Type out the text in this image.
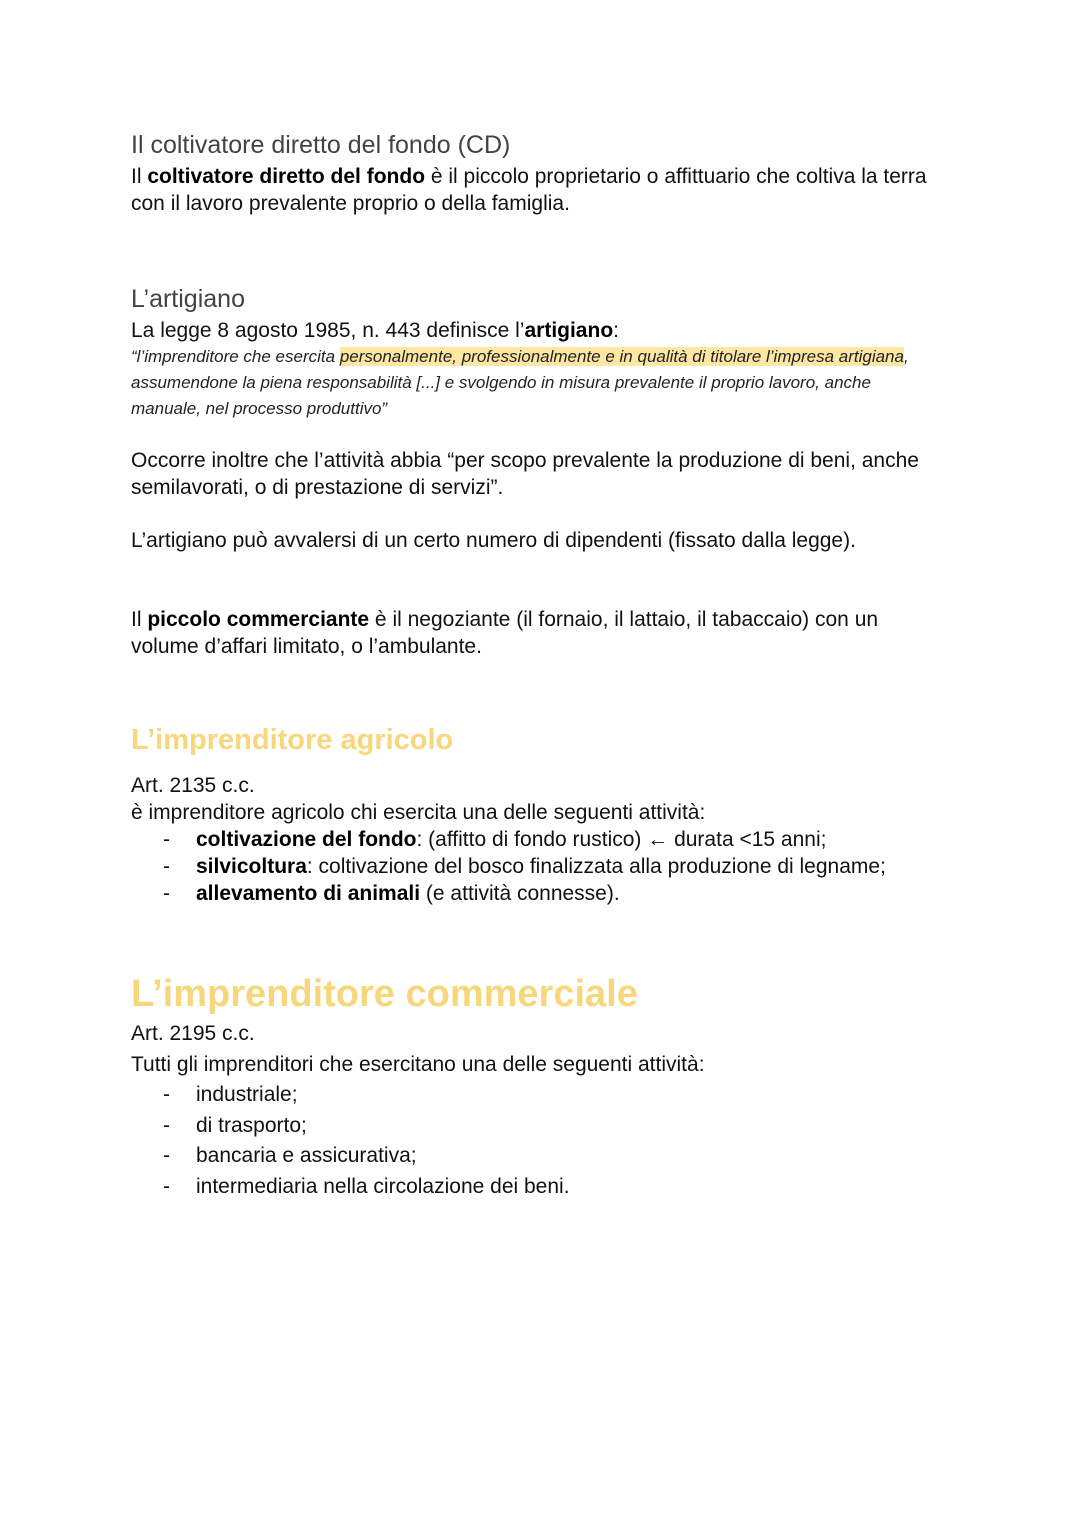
Il coltivatore diretto del fondo (CD)

Il coltivatore diretto del fondo è il piccolo proprietario o affittuario che coltiva la terra con il lavoro prevalente proprio o della famiglia.

L’artigiano

La legge 8 agosto 1985, n. 443 definisce l’artigiano:

“l’imprenditore che esercita personalmente, professionalmente e in qualità di titolare l’impresa artigiana, assumendone la piena responsabilità [...] e svolgendo in misura prevalente il proprio lavoro, anche manuale, nel processo produttivo”

Occorre inoltre che l’attività abbia “per scopo prevalente la produzione di beni, anche semilavorati, o di prestazione di servizi”.

L’artigiano può avvalersi di un certo numero di dipendenti (fissato dalla legge).

Il piccolo commerciante è il negoziante (il fornaio, il lattaio, il tabaccaio) con un volume d’affari limitato, o l’ambulante.

L’imprenditore agricolo

Art. 2135 c.c.

è imprenditore agricolo chi esercita una delle seguenti attività:

- coltivazione del fondo: (affitto di fondo rustico) ← durata <15 anni;
- silvicoltura: coltivazione del bosco finalizzata alla produzione di legname;
- allevamento di animali (e attività connesse).
L’imprenditore commerciale

Art. 2195 c.c.

Tutti gli imprenditori che esercitano una delle seguenti attività:

- industriale;
- di trasporto;
- bancaria e assicurativa;
- intermediaria nella circolazione dei beni.
